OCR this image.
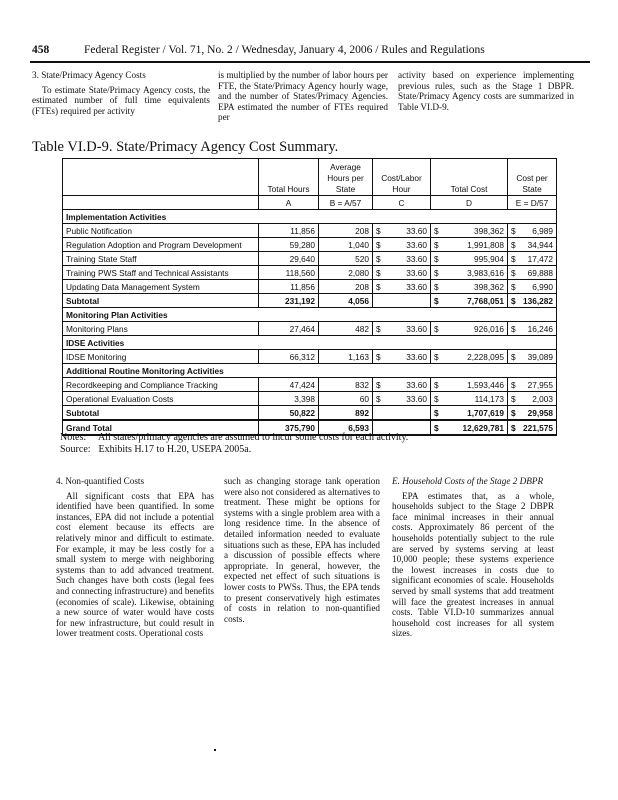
458	Federal Register / Vol. 71, No. 2 / Wednesday, January 4, 2006 / Rules and Regulations

3. State/Primacy Agency Costs

To estimate State/Primacy Agency costs, the estimated number of full time equivalents (FTEs) required per activity

is multiplied by the number of labor hours per FTE, the State/Primacy Agency hourly wage, and the number of States/Primacy Agencies. EPA estimated the number of FTEs required per

activity based on experience implementing previous rules, such as the Stage 1 DBPR. State/Primacy Agency costs are summarized in Table VI.D-9.

Table VI.D-9. State/Primacy Agency Cost Summary.
	Total Hours	Average Hours per State	Cost/Labor Hour		Total Cost		Cost per State	
	A	B = A/57	C		D		E = D/57	
Implementation Activities								
Public Notification	11,856	208	$	33.60	$	398,362	$	6,989
Regulation Adoption and Program Development	59,280	1,040	$	33.60	$	1,991,808	$	34,944
Training State Staff	29,640	520	$	33.60	$	995,904	$	17,472
Training PWS Staff and Technical Assistants	118,560	2,080	$	33.60	$	3,983,616	$	69,888
Updating Data Management System	11,856	208	$	33.60	$	398,362	$	6,990
Subtotal	231,192	4,056			$	7,768,051	$	136,282
Monitoring Plan Activities								
Monitoring Plans	27,464	482	$	33.60	$	926,016	$	16,246
IDSE Activities								
IDSE Monitoring	66,312	1,163	$	33.60	$	2,228,095	$	39,089
Additional Routine Monitoring Activities								
Recordkeeping and Compliance Tracking	47,424	832	$	33.60	$	1,593,446	$	27,955
Operational Evaluation Costs	3,398	60	$	33.60	$	114,173	$	2,003
Subtotal	50,822	892			$	1,707,619	$	29,958
Grand Total	375,790	6,593			$	12,629,781	$	221,575
Notes: All states/primacy agencies are assumed to incur some costs for each activity.
Source: Exhibits H.17 to H.20, USEPA 2005a.

4. Non-quantified Costs

All significant costs that EPA has identified have been quantified. In some instances, EPA did not include a potential cost element because its effects are relatively minor and difficult to estimate. For example, it may be less costly for a small system to merge with neighboring systems than to add advanced treatment. Such changes have both costs (legal fees and connecting infrastructure) and benefits (economies of scale). Likewise, obtaining a new source of water would have costs for new infrastructure, but could result in lower treatment costs. Operational costs

such as changing storage tank operation were also not considered as alternatives to treatment. These might be options for systems with a single problem area with a long residence time. In the absence of detailed information needed to evaluate situations such as these, EPA has included a discussion of possible effects where appropriate. In general, however, the expected net effect of such situations is lower costs to PWSs. Thus, the EPA tends to present conservatively high estimates of costs in relation to non-quantified costs.

E. Household Costs of the Stage 2 DBPR

EPA estimates that, as a whole, households subject to the Stage 2 DBPR face minimal increases in their annual costs. Approximately 86 percent of the households potentially subject to the rule are served by systems serving at least 10,000 people; these systems experience the lowest increases in costs due to significant economies of scale. Households served by small systems that add treatment will face the greatest increases in annual costs. Table VI.D-10 summarizes annual household cost increases for all system sizes.
